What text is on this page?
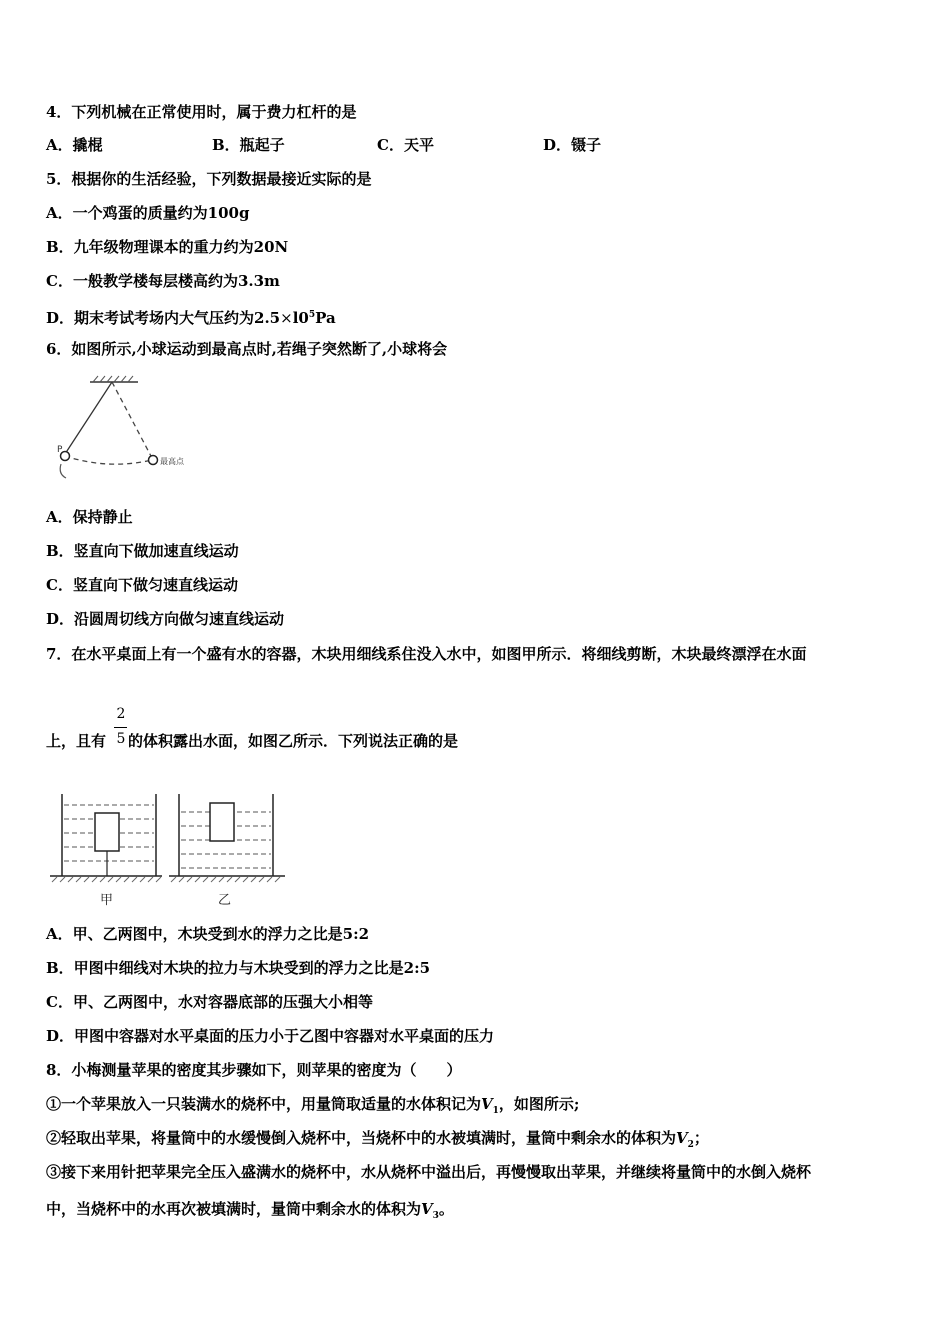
4．下列机械在正常使用时，属于费力杠杆的是
A．撬棍	B．瓶起子	C．天平	D．镊子
5．根据你的生活经验，下列数据最接近实际的是
A．一个鸡蛋的质量约为100g
B．九年级物理课本的重力约为20N
C．一般教学楼每层楼高约为3.3m
D．期末考试考场内大气压约为$2.5\times l0^5Pa$
6．如图所示,小球运动到最高点时,若绳子突然断了,小球将会
P
最高点
A．保持静止
B．竖直向下做加速直线运动
C．竖直向下做匀速直线运动
D．沿圆周切线方向做匀速直线运动
7．在水平桌面上有一个盛有水的容器，木块用细线系住没入水中，如图甲所示．将细线剪断，木块最终漂浮在水面
上，且有 的体积露出水面，如图乙所示．下列说法正确的是
2
5
甲	乙
A．甲、乙两图中，木块受到水的浮力之比是5:2
B．甲图中细线对木块的拉力与木块受到的浮力之比是2:5
C．甲、乙两图中，水对容器底部的压强大小相等
D．甲图中容器对水平桌面的压力小于乙图中容器对水平桌面的压力
8．小梅测量苹果的密度其步骤如下，则苹果的密度为（　　）
①一个苹果放入一只装满水的烧杯中，用量筒取适量的水体积记为$V_1$，如图所示;
②轻取出苹果，将量筒中的水缓慢倒入烧杯中，当烧杯中的水被填满时，量筒中剩余水的体积为$V_2$；
③接下来用针把苹果完全压入盛满水的烧杯中，水从烧杯中溢出后，再慢慢取出苹果，并继续将量筒中的水倒入烧杯
中，当烧杯中的水再次被填满时，量筒中剩余水的体积为$V_3$。
